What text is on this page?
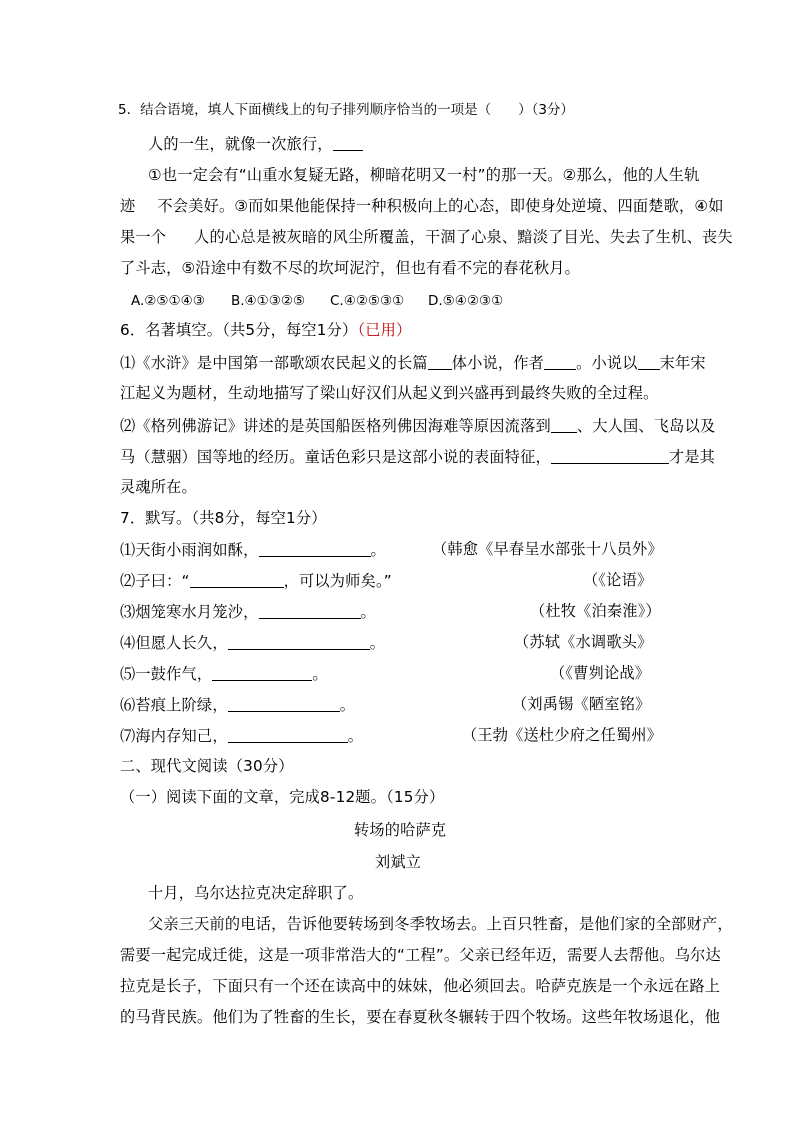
5．结合语境，填人下面横线上的句子排列顺序恰当的一项是（　　）（3分）
人的一生，就像一次旅行，
①也一定会有“山重水复疑无路，柳暗花明又一村”的那一天。②那么，他的人生轨
迹 不会美好。③而如果他能保持一种积极向上的心态，即使身处逆境、四面楚歌，④如
果一个 人的心总是被灰暗的风尘所覆盖，干涸了心泉、黯淡了目光、失去了生机、丧失
了斗志，⑤沿途中有数不尽的坎坷泥泞，但也有看不完的春花秋月。
A.②⑤①④③ B.④①③②⑤ C.④②⑤③① D.⑤④②③①
6．名著填空。（共5分，每空1分）（已用）
⑴《水浒》是中国第一部歌颂农民起义的长篇 体小说，作者 。小说以 末年宋
江起义为题材，生动地描写了梁山好汉们从起义到兴盛再到最终失败的全过程。
⑵《格列佛游记》讲述的是英国船医格列佛因海难等原因流落到 、大人国、飞岛以及
马（慧骃）国等地的经历。童话色彩只是这部小说的表面特征，	才是其
灵魂所在。
7．默写。（共8分，每空1分）
⑴天街小雨润如酥，	。	（韩愈《早春呈水部张十八员外》
⑵子曰：“	，可以为师矣。”	（《论语》
⑶烟笼寒水月笼沙，	。	（杜牧《泊秦淮》）
⑷但愿人长久，	。	（苏轼《水调歌头》
⑸一鼓作气，	。	（《曹刿论战》
⑹苔痕上阶绿，	。	（刘禹锡《陋室铭》
⑺海内存知己，	。	（王勃《送杜少府之任蜀州》
二、现代文阅读（30分）
（一）阅读下面的文章，完成8-12题。（15分）
转场的哈萨克
刘斌立
十月，乌尔达拉克决定辞职了。
父亲三天前的电话，告诉他要转场到冬季牧场去。上百只牲畜，是他们家的全部财产，
需要一起完成迁徙，这是一项非常浩大的“工程”。父亲已经年迈，需要人去帮他。乌尔达
拉克是长子，下面只有一个还在读高中的妹妹，他必须回去。哈萨克族是一个永远在路上
的马背民族。他们为了牲畜的生长，要在春夏秋冬辗转于四个牧场。这些年牧场退化，他
